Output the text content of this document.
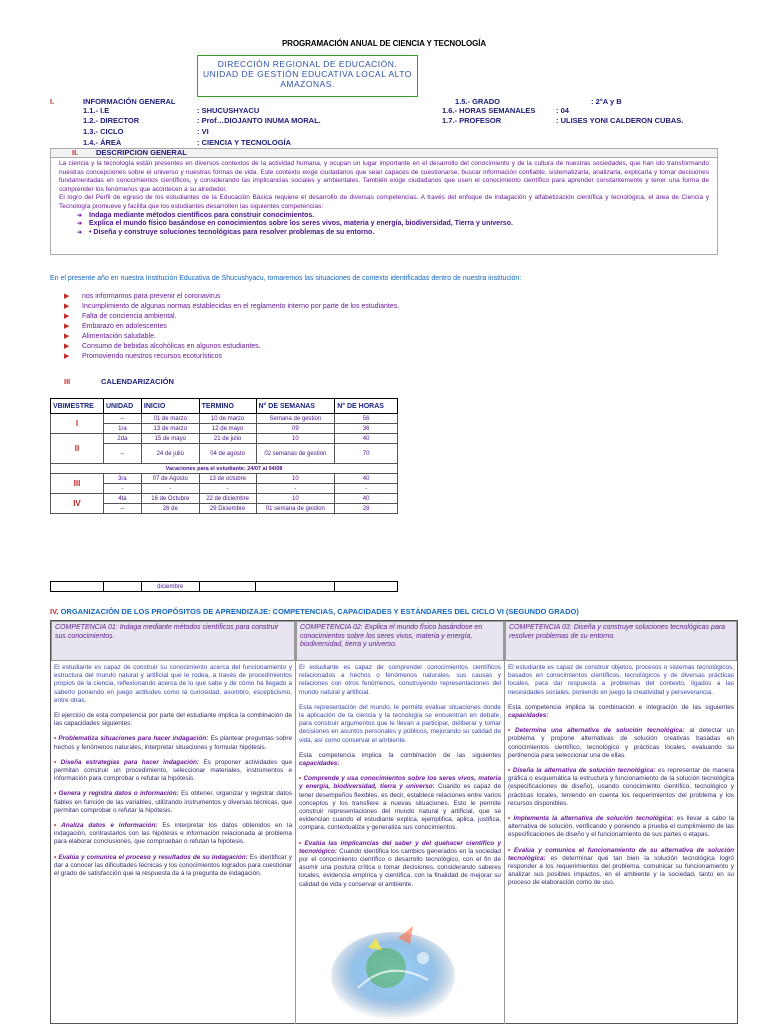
PROGRAMACIÓN ANUAL DE CIENCIA Y TECNOLOGÍA
DIRECCIÓN REGIONAL DE EDUCACIÓN.
UNIDAD DE GESTIÓN EDUCATIVA LOCAL ALTO
AMAZONAS.
I.	INFORMACIÓN GENERAL
1.1.- I.E	: SHUCUSHYACU
1.2.- DIRECTOR	: Prof…DIOJANTO INUMA MORAL.
1.3.- CICLO	: VI
1.4.- ÁREA	: CIENCIA Y TECNOLOGÍA
1.5.- GRADO	: 2°A y B
1.6.- HORAS SEMANALES	: 04
1.7.- PROFESOR	: ULISES YONI CALDERON CUBAS.
II. DESCRIPCION GENERAL

La ciencia y la tecnología están presentes en diversos contextos de la actividad humana, y ocupan un lugar importante en el desarrollo del conocimiento y de la cultura de nuestras sociedades, que han ido transformando nuestras concepciones sobre el universo y nuestras formas de vida. Este contexto exige ciudadanos que sean capaces de cuestionarse, buscar información confiable, sistematizarla, analizarla, explicarla y tomar decisiones fundamentadas en conocimientos científicos, y considerando las implicancias sociales y ambientales. También exige ciudadanos que usen el conocimiento científico para aprender constantemente y tener una forma de comprender los fenómenos que acontecen a su alrededor.

El logro del Perfil de egreso de los estudiantes de la Educación Básica requiere el desarrollo de diversas competencias. A través del enfoque de indagación y alfabetización científica y tecnológica, el área de Ciencia y Tecnología promueve y facilita que los estudiantes desarrollen las siguientes competencias:

➔ Indaga mediante métodos científicos para construir conocimientos.
➔ Explica el mundo físico basándose en conocimientos sobre los seres vivos, materia y energía, biodiversidad, Tierra y universo.
➔ • Diseña y construye soluciones tecnológicas para resolver problemas de su entorno.
En el presente año en nuestra Institución Educativa de Shucushyacu, tomaremos las situaciones de contexto identificadas dentro de nuestra institución:
▶ nos informamos para prevenir el coronavirus
▶ Incumplimiento de algunas normas establecidas en el reglamento interno por parte de los estudiantes.
▶ Falta de conciencia ambiental.
▶ Embarazo en adolescentes
▶ Alimentación saludable.
▶ Consumo de bebidas alcohólicas en algunos estudiantes.
▶ Promoviendo nuestros recursos ecoturísticos
III	CALENDARIZACIÓN
VBIMESTRE	UNIDAD	INICIO	TERMINO	N° DE SEMANAS	N° DE HORAS
I	--	01 de marzo	10 de marzo	Semana de gestion	56
	1ra	13 de marzo	12 de mayo	09	36
II	2da	15 de mayo	21 de julio	10	40
	--	24 de julio	04 de agosto	02 semanas de gestion	70
Vacaciones para el estudiante: 24/07 al 04/08					
III	3ra	07 de Agosto	13 de octubre	10	40
	-	-	-	-	-
IV	4ta	16 de Octubre	22 de diciembre	10	40
	--	26 de	29 Diciembre	01 semana de gestion	28
		diciembre			
IV. ORGANIZACIÓN DE LOS PROPÓSITOS DE APRENDIZAJE: COMPETENCIAS, CAPACIDADES Y ESTÁNDARES DEL CICLO VI (SEGUNDO GRADO)
COMPETENCIA 01: Indaga mediante métodos científicos para construir sus conocimientos.

El estudiante es capaz de construir su conocimiento acerca del funcionamiento y estructura del mundo natural y artificial que le rodea, a través de procedimientos propios de la ciencia, reflexionando acerca de lo que sabe y de cómo ha llegado a saberlo poniendo en juego actitudes como la curiosidad, asombro, escepticismo, entre otras.

El ejercicio de esta competencia por parte del estudiante implica la combinación de las capacidades siguientes:

• Problematiza situaciones para hacer indagación: Es plantear preguntas sobre hechos y fenómenos naturales, interpretar situaciones y formular hipótesis.

• Diseña estrategias para hacer indagación: Es proponer actividades que permitan construir un procedimiento, seleccionar materiales, instrumentos e información para comprobar o refutar la hipótesis.

• Genera y registra datos o información: Es obtener, organizar y registrar datos fiables en función de las variables, utilizando instrumentos y diversas técnicas, que permitan comprobar o refutar la hipótesis.

• Analiza datos e información: Es interpretar los datos obtenidos en la indagación, contrastarlos con las hipótesis e información relacionada al problema para elaborar conclusiones, que comprueban o refutan la hipótesis.

• Evalúa y comunica el proceso y resultados de su indagación: Es identificar y dar a conocer las dificultades técnicas y los conocimientos logrados para cuestionar el grado de satisfacción que la respuesta da a la pregunta de indagación.

COMPETENCIA 02: Explica el mundo físico basándose en conocimientos sobre los seres vivos, materia y energía, biodiversidad, tierra y universo.

El estudiante es capaz de comprender conocimientos científicos relacionados a hechos o fenómenos naturales, sus causas y relaciones con otros fenómenos, construyendo representaciones del mundo natural y artificial.

Esta representación del mundo, le permite evaluar situaciones donde la aplicación de la ciencia y la tecnología se encuentran en debate, para construir argumentos que le llevan a participar, deliberar y tomar decisiones en asuntos personales y públicos, mejorando su calidad de vida, así como conservar el ambiente.

Esta competencia implica la combinación de las siguientes capacidades:

• Comprende y usa conocimientos sobre los seres vivos, materia y energía, biodiversidad, tierra y universo: Cuando es capaz de tener desempeños flexibles, es decir, establece relaciones entre varios conceptos y los transfiere a nuevas situaciones. Esto le permite construir representaciones del mundo natural y artificial, que se evidencian cuando el estudiante explica, ejemplifica, aplica, justifica, compara, contextualiza y generaliza sus conocimientos.

• Evalúa las implicancias del saber y del quehacer científico y tecnológico: Cuando identifica los cambios generados en la sociedad por el conocimiento científico o desarrollo tecnológico, con el fin de asumir una postura crítica o tomar decisiones, considerando saberes locales, evidencia empírica y científica, con la finalidad de mejorar su calidad de vida y conservar el ambiente.

COMPETENCIA 03: Diseña y construye soluciones tecnológicas para resolver problemas de su entorno.

El estudiante es capaz de construir objetos, procesos o sistemas tecnológicos, basados en conocimientos científicos, tecnológicos y de diversas prácticas locales, para dar respuesta a problemas del contexto, ligados a las necesidades sociales, poniendo en juego la creatividad y perseverancia.

Esta competencia implica la combinación e integración de las siguientes capacidades:

• Determina una alternativa de solución tecnológica: al detectar un problema y propone alternativas de solución creativas basadas en conocimientos científico, tecnológico y prácticas locales, evaluando su pertinencia para seleccionar una de ellas.

• Diseña la alternativa de solución tecnológica: es representar de manera gráfica o esquemática la estructura y funcionamiento de la solución tecnológica (especificaciones de diseño), usando conocimiento científico, tecnológico y prácticas locales, teniendo en cuenta los requerimientos del problema y los recursos disponibles.

• Implementa la alternativa de solución tecnológica: es llevar a cabo la alternativa de solución, verificando y poniendo a prueba el cumplimiento de las especificaciones de diseño y el funcionamiento de sus partes o etapas.

• Evalúa y comunica el funcionamiento de su alternativa de solución tecnológica: es determinar qué tan bien la solución tecnológica logró responder a los requerimientos del problema, comunicar su funcionamiento y analizar sus posibles impactos, en el ambiente y la sociedad, tanto en su proceso de elaboración como de uso.
